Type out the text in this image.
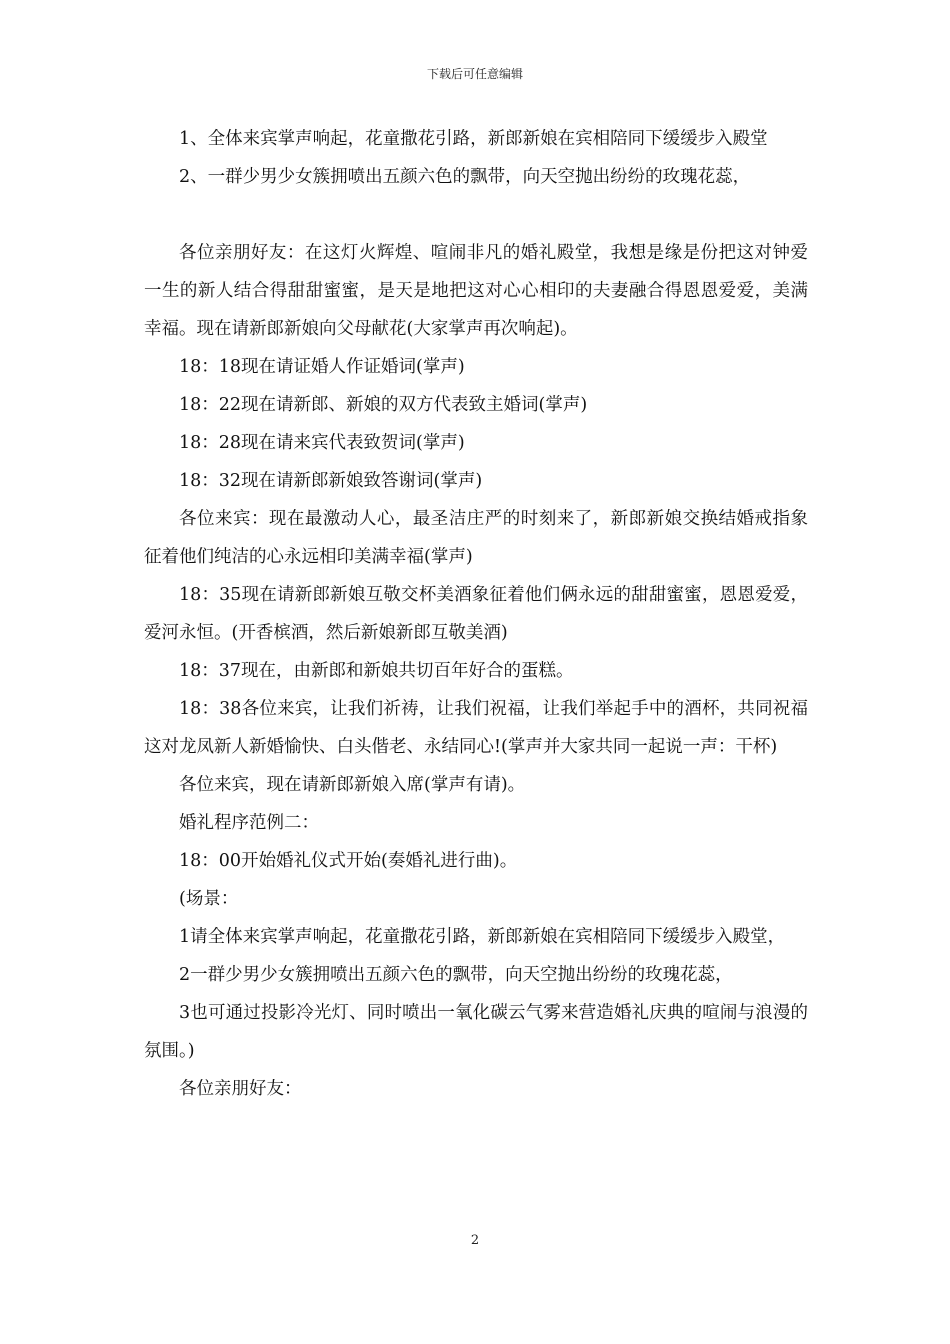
下载后可任意编辑

1、全体来宾掌声响起，花童撒花引路，新郎新娘在宾相陪同下缓缓步入殿堂

2、一群少男少女簇拥喷出五颜六色的飘带，向天空抛出纷纷的玫瑰花蕊，

各位亲朋好友：在这灯火辉煌、喧闹非凡的婚礼殿堂，我想是缘是份把这对钟爱一生的新人结合得甜甜蜜蜜，是天是地把这对心心相印的夫妻融合得恩恩爱爱，美满幸福。现在请新郎新娘向父母献花(大家掌声再次响起)。

18：18现在请证婚人作证婚词(掌声)

18：22现在请新郎、新娘的双方代表致主婚词(掌声)

18：28现在请来宾代表致贺词(掌声)

18：32现在请新郎新娘致答谢词(掌声)

各位来宾：现在最激动人心，最圣洁庄严的时刻来了，新郎新娘交换结婚戒指象征着他们纯洁的心永远相印美满幸福(掌声)

18：35现在请新郎新娘互敬交杯美酒象征着他们俩永远的甜甜蜜蜜，恩恩爱爱，爱河永恒。(开香槟酒，然后新娘新郎互敬美酒)

18：37现在，由新郎和新娘共切百年好合的蛋糕。

18：38各位来宾，让我们祈祷，让我们祝福，让我们举起手中的酒杯，共同祝福这对龙凤新人新婚愉快、白头偕老、永结同心!(掌声并大家共同一起说一声：干杯)

各位来宾，现在请新郎新娘入席(掌声有请)。

婚礼程序范例二：

18：00开始婚礼仪式开始(奏婚礼进行曲)。

(场景：

1请全体来宾掌声响起，花童撒花引路，新郎新娘在宾相陪同下缓缓步入殿堂，

2一群少男少女簇拥喷出五颜六色的飘带，向天空抛出纷纷的玫瑰花蕊，

3也可通过投影冷光灯、同时喷出一氧化碳云气雾来营造婚礼庆典的喧闹与浪漫的氛围。)

各位亲朋好友：

2
